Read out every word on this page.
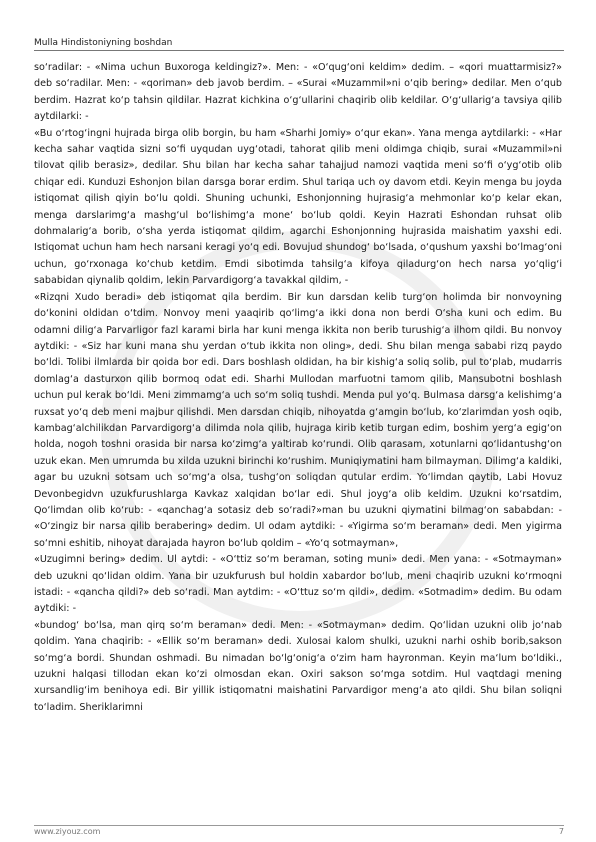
Mulla Hindistoniyning boshdan

so‘radilar: - «Nima uchun Buxoroga keldingiz?». Men: - «O‘qug‘oni keldim» dedim. – «qori muattarmisiz?» deb so‘radilar. Men: - «qoriman» deb javob berdim. – «Surai «Muzammil»ni o‘qib bering» dedilar. Men o‘qub berdim. Hazrat ko‘p tahsin qildilar. Hazrat kichkina o‘g‘ullarini chaqirib olib keldilar. O‘g‘ullarig‘a tavsiya qilib aytdilarki: -

«Bu o‘rtog‘ingni hujrada birga olib borgin, bu ham «Sharhi Jomiy» o‘qur ekan». Yana menga aytdilarki: - «Har kecha sahar vaqtida sizni so‘fi uyqudan uyg‘otadi, tahorat qilib meni oldimga chiqib, surai «Muzammil»ni tilovat qilib berasiz», dedilar. Shu bilan har kecha sahar tahajjud namozi vaqtida meni so‘fi o‘yg‘otib olib chiqar edi. Kunduzi Eshonjon bilan darsga borar erdim. Shul tariqa uch oy davom etdi. Keyin menga bu joyda istiqomat qilish qiyin bo‘lu qoldi. Shuning uchunki, Eshonjonning hujrasig‘a mehmonlar ko‘p kelar ekan, menga darslarimg‘a mashg‘ul bo‘lishimg‘a mone‘ bo‘lub qoldi. Keyin Hazrati Eshondan ruhsat olib dohmalarig‘a borib, o‘sha yerda istiqomat qildim, agarchi Eshonjonning hujrasida maishatim yaxshi edi. Istiqomat uchun ham hech narsani keragi yo‘q edi. Bovujud shundog‘ bo‘lsada, o‘qushum yaxshi bo‘lmag‘oni uchun, go‘rxonaga ko‘chub ketdim. Emdi sibotimda tahsilg‘a kifoya qiladurg‘on hech narsa yo‘qlig‘i sababidan qiynalib qoldim, lekin Parvardigorg‘a tavakkal qildim, -

«Rizqni Xudo beradi» deb istiqomat qila berdim. Bir kun darsdan kelib turg‘on holimda bir nonvoyning do‘konini oldidan o‘tdim. Nonvoy meni yaaqirib qo‘limg‘a ikki dona non berdi O‘sha kuni och edim. Bu odamni dilig‘a Parvarligor fazl karami birla har kuni menga ikkita non berib turushig‘a ilhom qildi. Bu nonvoy aytdiki: - «Siz har kuni mana shu yerdan o‘tub ikkita non oling», dedi. Shu bilan menga sababi rizq paydo bo‘ldi. Tolibi ilmlarda bir qoida bor edi. Dars boshlash oldidan, ha bir kishig‘a soliq solib, pul to‘plab, mudarris domlag‘a dasturxon qilib bormoq odat edi. Sharhi Mullodan marfuotni tamom qilib, Mansubotni boshlash uchun pul kerak bo‘ldi. Meni zimmamg‘a uch so‘m soliq tushdi. Menda pul yo‘q. Bulmasa darsg‘a kelishimg‘a ruxsat yo‘q deb meni majbur qilishdi. Men darsdan chiqib, nihoyatda g‘amgin bo‘lub, ko‘zlarimdan yosh oqib, kambag‘alchilikdan Parvardigorg‘a dilimda nola qilib, hujraga kirib ketib turgan edim, boshim yerg‘a egig‘on holda, nogoh toshni orasida bir narsa ko‘zimg‘a yaltirab ko‘rundi. Olib qarasam, xotunlarni qo‘lidantushg‘on uzuk ekan. Men umrumda bu xilda uzukni birinchi ko‘rushim. Muniqiymatini ham bilmayman. Dilimg‘a kaldiki, agar bu uzukni sotsam uch so‘mg‘a olsa, tushg‘on soliqdan qutular erdim. Yo‘limdan qaytib, Labi Hovuz Devonbegidvn uzukfurushlarga Kavkaz xalqidan bo‘lar edi. Shul joyg‘a olib keldim. Uzukni ko‘rsatdim, Qo‘limdan olib ko‘rub: - «qanchag‘a sotasiz deb so‘radi?»man bu uzukni qiymatini bilmag‘on sababdan: - «O‘zingiz bir narsa qilib berabering» dedim. Ul odam aytdiki: - «Yigirma so‘m beraman» dedi. Men yigirma so‘mni eshitib, nihoyat darajada hayron bo‘lub qoldim – «Yo‘q sotmayman»,

«Uzugimni bering» dedim. Ul aytdi: - «O‘ttiz so‘m beraman, soting muni» dedi. Men yana: - «Sotmayman» deb uzukni qo‘lidan oldim. Yana bir uzukfurush bul holdin xabardor bo‘lub, meni chaqirib uzukni ko‘rmoqni istadi: - «qancha qildi?» deb so‘radi. Man aytdim: - «O‘ttuz so‘m qildi», dedim. «Sotmadim» dedim. Bu odam aytdiki: -

«bundog‘ bo‘lsa, man qirq so‘m beraman» dedi. Men: - «Sotmayman» dedim. Qo‘lidan uzukni olib jo‘nab qoldim. Yana chaqirib: - «Ellik so‘m beraman» dedi. Xulosai kalom shulki, uzukni narhi oshib borib,sakson so‘mg‘a bordi. Shundan oshmadi. Bu nimadan bo‘lg‘onig‘a o‘zim ham hayronman. Keyin ma‘lum bo‘ldiki., uzukni halqasi tillodan ekan ko‘zi olmosdan ekan. Oxiri sakson so‘mga sotdim. Hul vaqtdagi mening xursandlig‘im benihoya edi. Bir yillik istiqomatni maishatini Parvardigor meng‘a ato qildi. Shu bilan soliqni to‘ladim. Sheriklarimni

www.ziyouz.com	7
